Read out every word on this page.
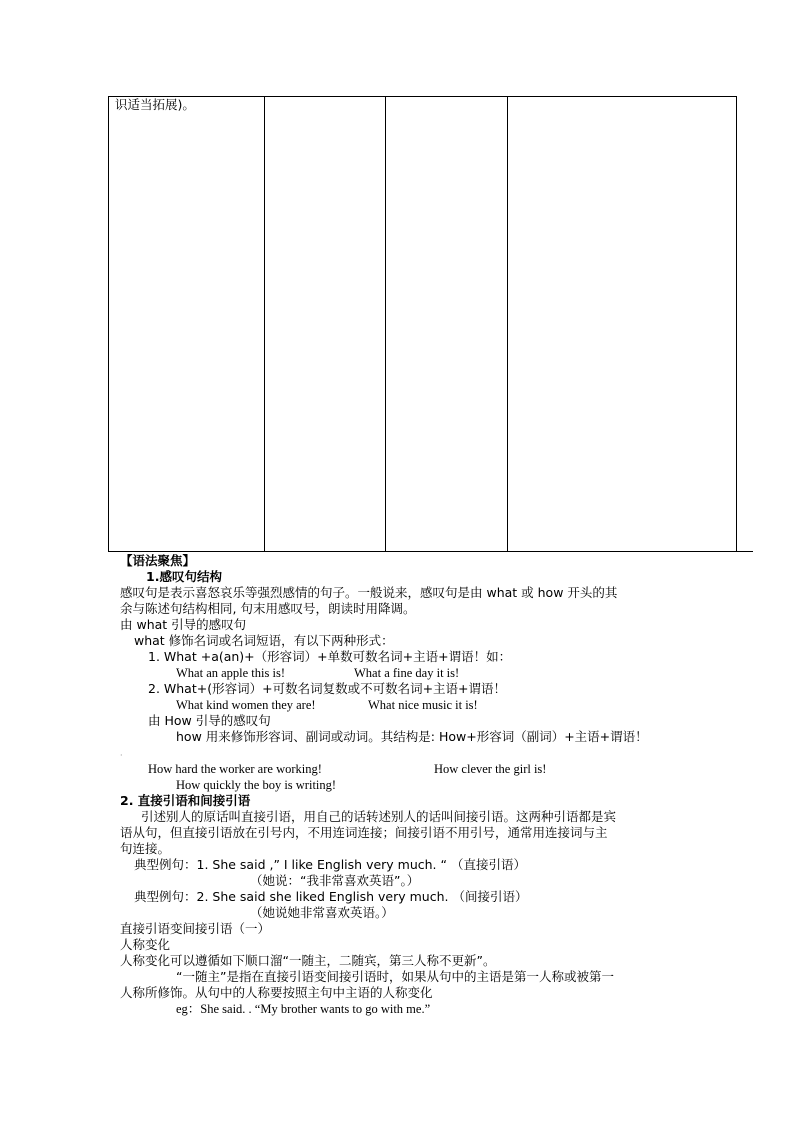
识适当拓展)。
【语法聚焦】
1.感叹句结构
感叹句是表示喜怒哀乐等强烈感情的句子。一般说来，感叹句是由 what 或 how 开头的其
余与陈述句结构相同, 句末用感叹号，朗读时用降调。
由 what 引导的感叹句
what 修饰名词或名词短语，有以下两种形式：
1. What +a(an)+（形容词）+单数可数名词+主语+谓语！如：
What an apple this is!	What a fine day it is!
2. What+(形容词）+可数名词复数或不可数名词+主语+谓语！
What kind women they are!	What nice music it is!
由 How 引导的感叹句
how 用来修饰形容词、副词或动词。其结构是: How+形容词（副词）+主语+谓语！
·
How hard the worker are working!	How clever the girl is!
How quickly the boy is writing!
2. 直接引语和间接引语
引述别人的原话叫直接引语，用自己的话转述别人的话叫间接引语。这两种引语都是宾
语从句，但直接引语放在引号内，不用连词连接；间接引语不用引号，通常用连接词与主
句连接。
典型例句：1. She said ,” I like English very much. “ （直接引语）
（她说：“我非常喜欢英语”。）
典型例句：2. She said she liked English very much. （间接引语）
（她说她非常喜欢英语。）
直接引语变间接引语（一）
人称变化
人称变化可以遵循如下顺口溜“一随主，二随宾，第三人称不更新”。
“一随主”是指在直接引语变间接引语时，如果从句中的主语是第一人称或被第一
人称所修饰。从句中的人称要按照主句中主语的人称变化
eg：She said. . “My brother wants to go with me.”
